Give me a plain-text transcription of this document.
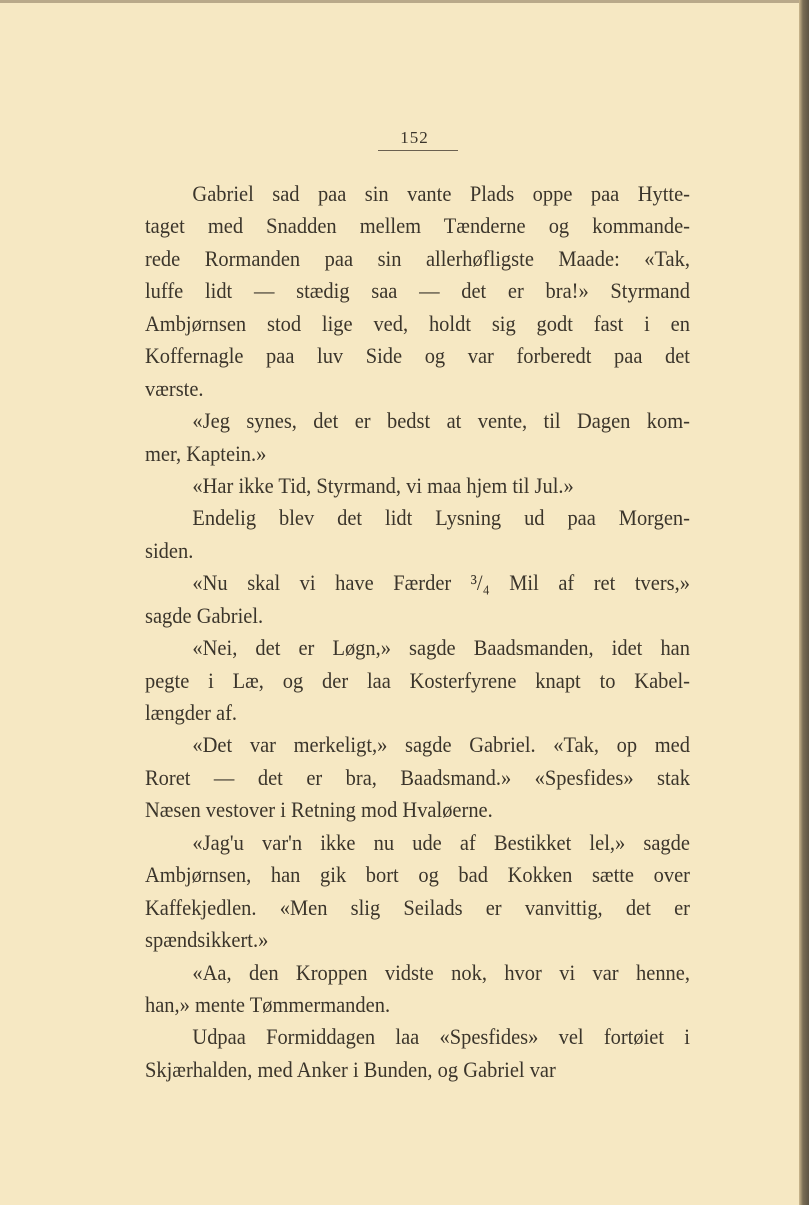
152
Gabriel sad paa sin vante Plads oppe paa Hytte-
taget med Snadden mellem Tænderne og kommande-
rede Rormanden paa sin allerhøfligste Maade: «Tak,
luffe lidt — stædig saa — det er bra!» Styrmand
Ambjørnsen stod lige ved, holdt sig godt fast i en
Koffernagle paa luv Side og var forberedt paa det
værste.
«Jeg synes, det er bedst at vente, til Dagen kom-
mer, Kaptein.»
«Har ikke Tid, Styrmand, vi maa hjem til Jul.»
Endelig blev det lidt Lysning ud paa Morgen-
siden.
«Nu skal vi have Færder ³/₄ Mil af ret tvers,»
sagde Gabriel.
«Nei, det er Løgn,» sagde Baadsmanden, idet han
pegte i Læ, og der laa Kosterfyrene knapt to Kabel-
længder af.
«Det var merkeligt,» sagde Gabriel. «Tak, op med
Roret — det er bra, Baadsmand.» «Spesfides» stak
Næsen vestover i Retning mod Hvaløerne.
«Jag'u var'n ikke nu ude af Bestikket lel,» sagde
Ambjørnsen, han gik bort og bad Kokken sætte over
Kaffekjedlen. «Men slig Seilads er vanvittig, det er
spændsikkert.»
«Aa, den Kroppen vidste nok, hvor vi var henne,
han,» mente Tømmermanden.
Udpaa Formiddagen laa «Spesfides» vel fortøiet i
Skjærhalden, med Anker i Bunden, og Gabriel var
